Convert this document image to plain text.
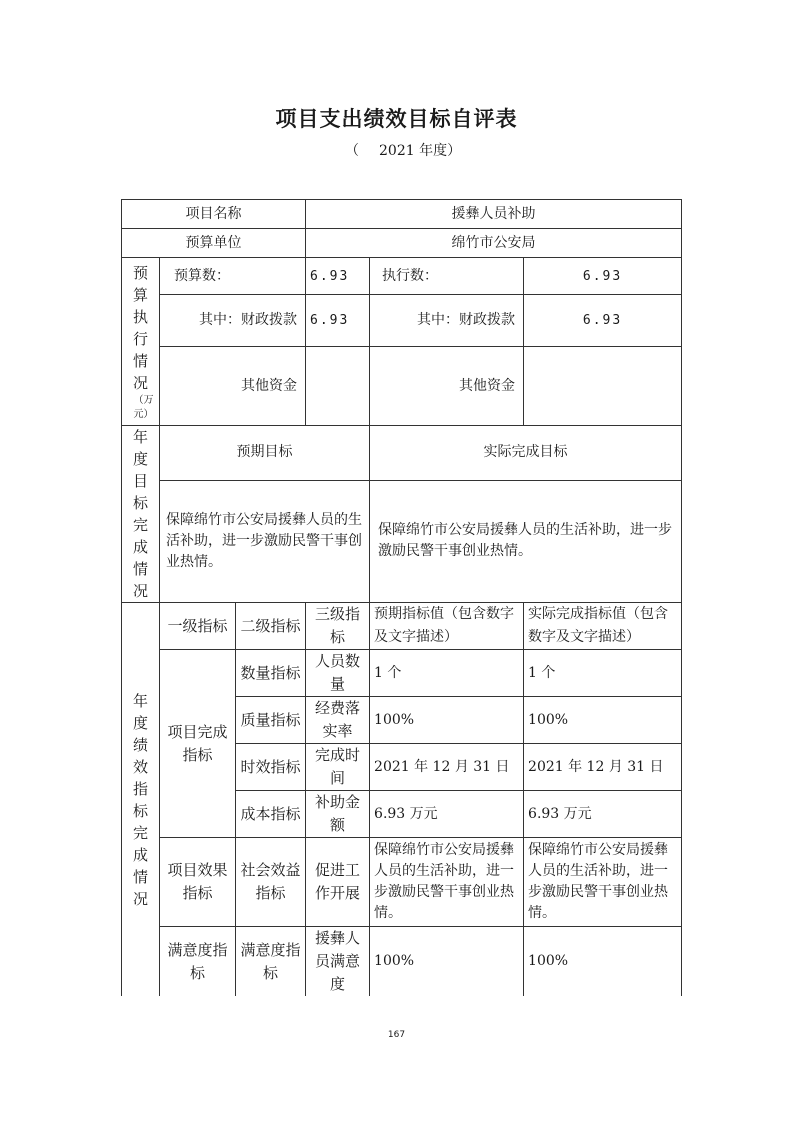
项目支出绩效目标自评表
（ 2021 年度）
项目名称			援彝人员补助		
预算单位			绵竹市公安局		

预算执行情况
（万元）	预算数：		6.93	执行数：	6.93
	其中：财政拨款		6.93	其中：财政拨款	6.93
	其他资金			其他资金	

年度目标完成情况	预期目标			实际完成目标	
	保障绵竹市公安局援彝人员的生活补助，进一步激励民警干事创业热情。			保障绵竹市公安局援彝人员的生活补助，进一步激励民警干事创业热情。	

年度绩效指标完成情况	一级指标	二级指标	三级指标	预期指标值（包含数字及文字描述）	实际完成指标值（包含数字及文字描述）
	项目完成指标	数量指标	人员数量	1 个	1 个
		质量指标	经费落实率	100%	100%
		时效指标	完成时间	2021 年 12 月 31 日	2021 年 12 月 31 日
		成本指标	补助金额	6.93 万元	6.93 万元
	项目效果指标	社会效益指标	促进工作开展	保障绵竹市公安局援彝人员的生活补助，进一步激励民警干事创业热情。	保障绵竹市公安局援彝人员的生活补助，进一步激励民警干事创业热情。
	满意度指标	满意度指标	援彝人员满意度	100%	100%
167
